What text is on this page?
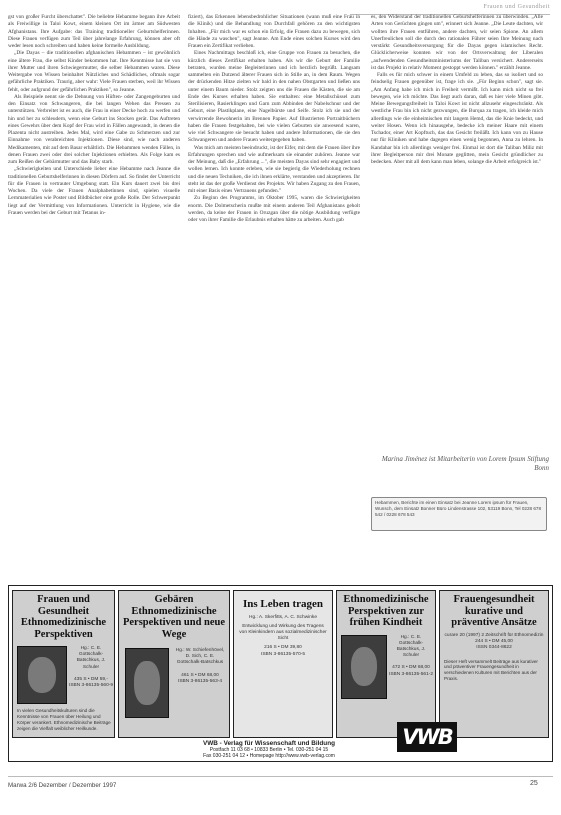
Frauen und Gesundheit

gst von großer Furcht überschattet". Die beliebte Hebamme begann ihre Arbeit als Freiwillige in Taloi Kowt, einem kleinen Ort im ärmer am Südwesten Afghanistans. Ihre Aufgabe: das Training traditioneller Geburtshelferinnen. Diese Frauen verfügen zum Teil über jahrelange Erfahrung, können aber oft weder lesen noch schreiben und haben keine formelle Ausbildung.

„Die Dayas – die traditionellen afghanischen Hebammen – ist gewöhnlich eine ältere Frau, die selbst Kinder bekommen hat. Ihre Kenntnisse hat sie von ihrer Mutter und ihren Schwiegermutter, die selber Hebammen waren. Diese Weitergabe von Wissen beinhaltet Nützliches und Schädliches, oftmals sogar gefährliche Praktiken. Traurig, aber wahr: Viele Frauen sterben, weil ihr Wissen fehlt, oder aufgrund der gefährlichen Praktiken", so Jeanne.

Als Beispiele nennt sie die Dehnung von Hüften- oder Zangengeburten und den Einsatz von Schwangeren, die bei langen Wehen das Pressen zu unterstützen. Verbreitet ist es auch, die Frau in einer Decke hoch zu werfen und hin und her zu schleudern, wenn eine Geburt ins Stocken gerät. Das Auftreten eines Gewehrs über dem Kopf der Frau wird in Fällen angewandt, in denen die Plazenta nicht austreiben. Jedes Mal, wird eine Gabe zu Schmerzen und zur Einnahme von verabreichten Injektionen. Diese sind, wie nach anderen Medikamenten, mit auf dem Basar erhältlich. Die Hebammen wenden Fällen, in denen Frauen zwei oder drei solcher Injektionen erhielten. Als Folge kam es zum Reißen der Gebärmutter und das Baby starb.

„Schwierigkeiten und Unterschiede lieber eine Hebamme nach Jeanne die traditionellen Geburtshelferinnen in diesen Dörfern auf. So findet der Unterricht für die Frauen in vertrauter Umgebung statt. Ein Kurs dauert zwei bis drei Wochen. Da viele der Frauen Analphabetinnen sind, spielen visuelle Lernmaterialien wie Poster und Bildbücher eine große Rolle. Der Schwerpunkt liegt auf der Vermittlung von Informationen. Unterricht in Hygiene, wie die Frauen werden bei der Geburt mit Tetanus in-

fiziert), das Erkennen lebensbedrohlicher Situationen (wann muß eine Frau in die Klinik) und die Behandlung von Durchfall gehören zu den wichtigsten Inhalten. „Für mich war es schon ein Erfolg, die Frauen dazu zu bewegen, sich die Hände zu waschen", sagt Jeanne. Am Ende eines solchen Kurses wird den Frauen ein Zertifikat verliehen.

Eines Nachmittags beschloß ich, eine Gruppe von Frauen zu besuchen, die kürzlich dieses Zertifikat erhalten haben. Als wir die Geburt der Familie betraten, wurden meine Begleiterinnen und ich herzlich begrüßt. Langsam sammelten ein Dutzend älterer Frauen sich in Stille an, in dem Raum. Wegen der drückenden Hitze zielten wir bald in den nahen Obstgarten und ließen uns unter einem Baum nieder. Stolz zeigten uns die Frauen die Kästen, die sie am Ende des Kurses erhalten haben. Sie enthalten: eine Metallschüssel zum Sterilisieren, Rasierklingen und Garn zum Abbinden der Nabelschnur und der Geburt, eine Plastikplane, eine Nagelbürste und Seife. Stolz ich sie und der verwirrende Bewohnerin im Brennen Papier. Auf Illustrierten Portraitbüchern haben die Frauen festgehalten, bei wie vielen Geburten sie anwesend waren, wie viel Schwangere sie besucht haben und andere Informationen, die sie den Schwangeren und andere Frauen weitergegeben haben.

Was mich am meisten beeindruckt, ist der Eifer, mit dem die Frauen über ihre Erfahrungen sprechen und wie aufmerksam sie einander zuhören. Jeanne war der Meinung, daß die „Erfahrung ...", die meisten Dayas sind sehr engagiert und wollen lernen. Ich konnte erleben, wie sie begierig die Wiederholung rechnen und die neuen Techniken, die ich ihnen erklärte, verstanden und akzeptieren. Ihr steht ist das der große Verdienst des Projekts. Wir haben Zugang zu den Frauen, mit einer Basis eines Vertrauens gefunden."

Zu Beginn des Programms, im Oktober 1995, waren die Schwierigkeiten enorm. Die Dolmetscherin mußte mit einem anderen Teil Afghanistans geholt werden, da keine der Frauen in Oruzgan über die nötige Ausbildung verfügte oder von ihrer Familie die Erlaubnis erhalten hätte zu arbeiten. Auch gab

es, den Widerstand der traditionellen Geburtshelferinnen zu überwinden. „Alle Arten von Gerüchten gingen um", erinnert sich Jeanne. „Die Leute dachten, wir wollten ihre Frauen entführen, andere dachten, wir seien Spione. An allem Unerfreulichen soll die durch den rationalen Führer seien Ihre Meinung nach verstärkt Gesundheitsversorgung für die Dayas gegen islamisches Recht. Glücklicherweise konnten wir von der Ortsverwaltung der Liberalen „aufwendenden Gesundheitsministeriums der Taliban versichert. Andererseits ist das Projekt in relativ Moment gestoppt werden können." erzählt Jeanne.

Falls es für mich schwer in einem Umfeld zu leben, das so isoliert und so feindselig Frauen gegenüber ist, frage ich sie. „Für Beginn schon", sagt sie. „Am Anfang habe ich mich in Freiheit vermißt. Ich kann mich nicht so frei bewegen, wie ich möchte. Das liegt auch daran, daß es hier viele Minen gibt. Meine Bewegungsfreiheit in Taloi Kowt ist nicht allzusehr eingeschränkt. Als westliche Frau bin ich nicht gezwungen, die Burqua zu tragen, ich kleide mich allerdings wie die einheimischen mit langem Hemd, das die Knie bedeckt, und weiter Hosen. Wenn ich hinausgehe, bedecke ich meiner Haare mit einem Tschador, einer Art Kopftuch, das das Gesicht freiläßt. Ich kann von zu Hause nur für Kliniken und habe dagegen einen wenig begonnen, Anna zu lehren. In Kandahar bin ich allerdings weniger frei. Einmal ist dort die Taliban Miliz mit ihrer Begleitperson mir drei Monate geglitten, mein Gesicht gründlicher zu bedecken. Aber mit all dem kann man leben, solange die Arbeit erfolgreich ist."

Marina Jiménez ist Mitarbeiterin von Lorem Ipsum Stiftung Bonn
Hebammen, Berichte im einen Einsatz bei Jeanne Lorem ipsum für Frauen, Wunsch, dem Einsatz Bonner Büro Lindenstrasse 102, 53119 Bonn, Tel 0228 678 542 / 0228 678 543
Frauen und Gesundheit Ethnomedizinische Perspektiven
Hg.: C. E. Gottschalk-Batschkus, J. Schuler
435 S • DM 59,-
ISBN 3-86135-560-9
In vielen Gesundheitskulturen sind die Kenntnisse von Frauen über Heilung und Körper verankert. Ethnomedizinische Beiträge zeigen die Vielfalt weiblicher Heilkunde.
Gebären Ethnomedizinische Perspektiven und neue Wege
Hg.: W. Schiefenhövel, D. Sich, C. E. Gottschalk-Batschkus
461 S • DM 68,00
ISBN 3-86135-563-4
Ins Leben tragen
Hg.: A. Skerfitts, A. C. Schwinke
Entwicklung und Wirkung des Tragens von Kleinkindern aus sozialmedizinischer Sicht
216 S • DM 39,80
ISBN 3-86135-570-5
Ethnomedizinische Perspektiven zur frühen Kindheit
Hg.: C. E. Gottschalk-Batschkus, J. Schuler
472 S • DM 68,00
ISBN 3-86135-561-2
Frauengesundheit kurative und präventive Ansätze
curare 20 (1997) 2 Zeitschrift für Ethnomedizin
244 S • DM 45,00
ISSN 0344-8622
Dieser Heft versammelt Beiträge aus kurativer und präventiver Frauengesundheit in verschiedenen Kulturen mit Berichten aus der Praxis.
VWB - Verlag für Wissenschaft und Bildung
Postfach 11 03 68 • 10833 Berlin • Tel. 030-251 04 15
Fax 030-251 04 12 • Homepage http://www.vwb-verlag.com
VWB
Marwa 2/6 Dezember / Dezember 1997	25
